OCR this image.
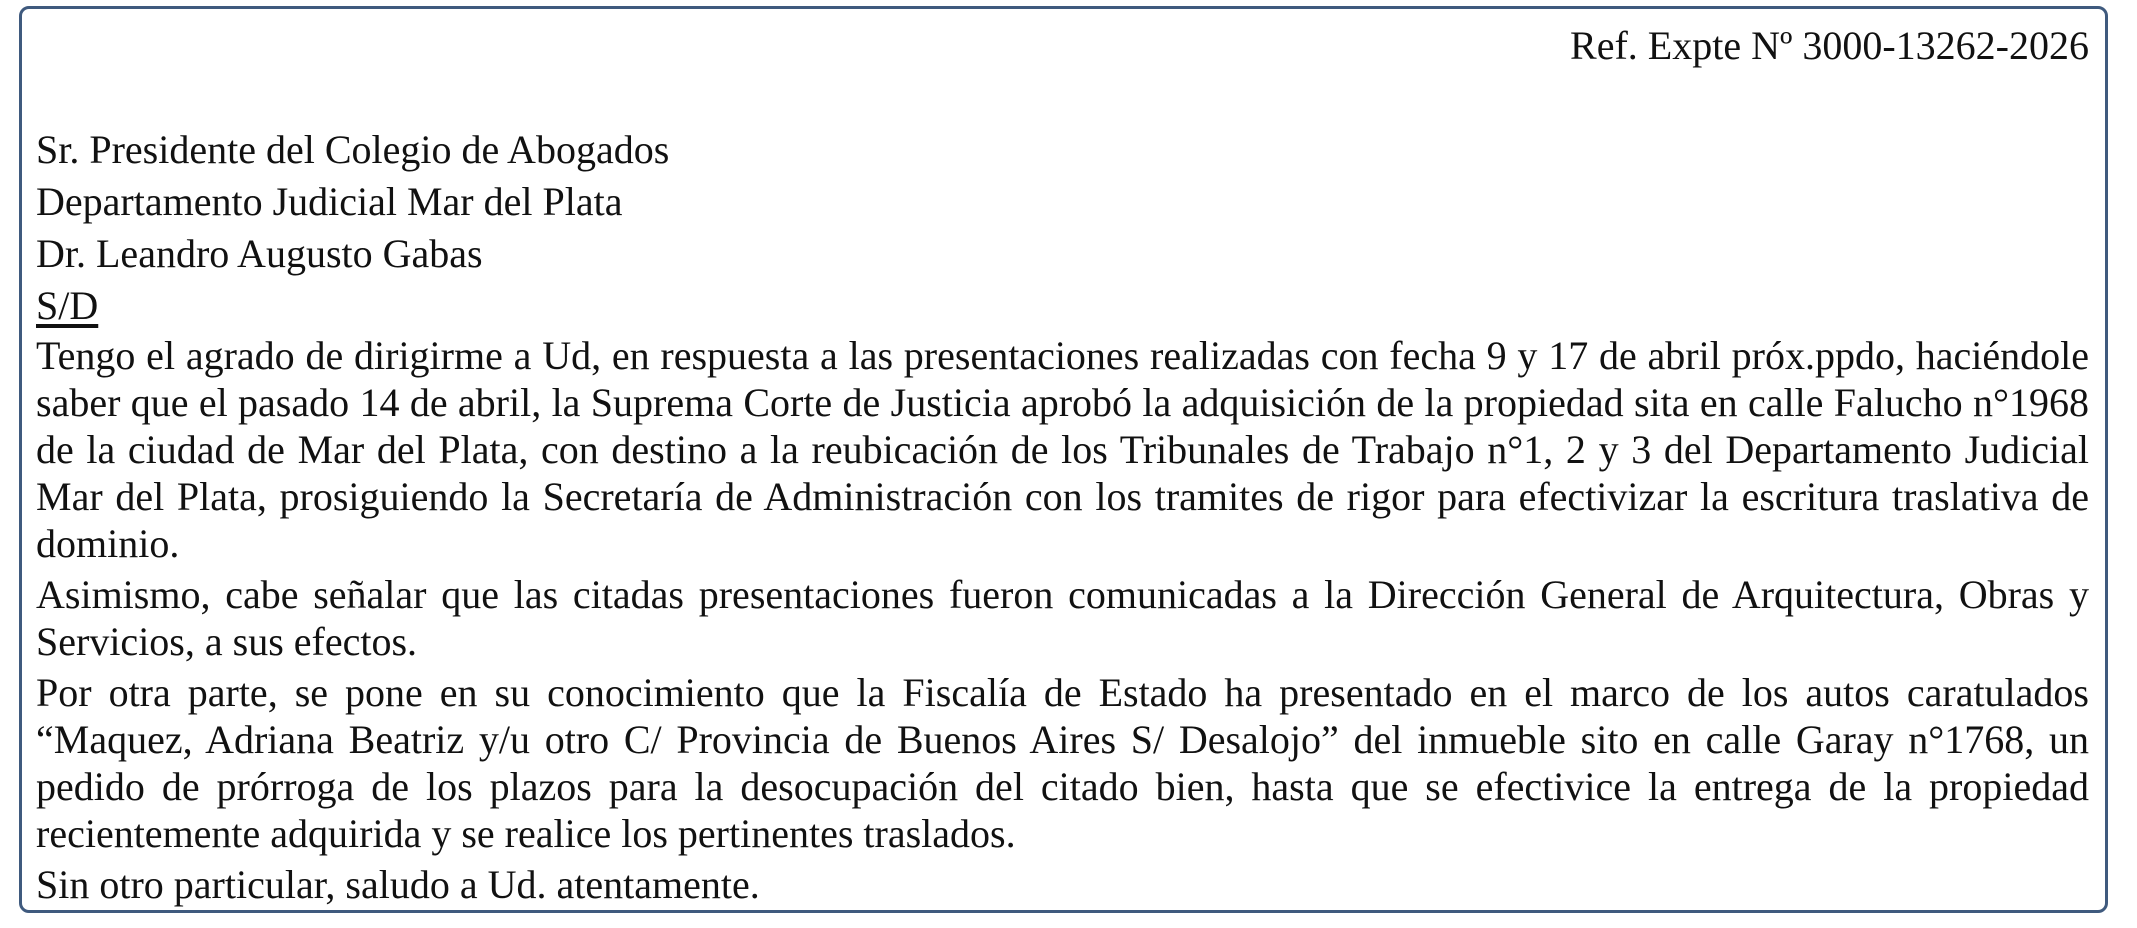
Ref. Expte Nº 3000-13262-2026
Sr. Presidente del Colegio de Abogados
Departamento Judicial Mar del Plata
Dr. Leandro Augusto Gabas
S/D

Tengo el agrado de dirigirme a Ud, en respuesta a las presentaciones realizadas con fecha 9 y 17 de abril próx.ppdo, haciéndole saber que el pasado 14 de abril, la Suprema Corte de Justicia aprobó la adquisición de la propiedad sita en calle Falucho n°1968 de la ciudad de Mar del Plata, con destino a la reubicación de los Tribunales de Trabajo n°1, 2 y 3 del Departamento Judicial Mar del Plata, prosiguiendo la Secretaría de Administración con los tramites de rigor para efectivizar la escritura traslativa de dominio.

Asimismo, cabe señalar que las citadas presentaciones fueron comunicadas a la Dirección General de Arquitectura, Obras y Servicios, a sus efectos.

Por otra parte, se pone en su conocimiento que la Fiscalía de Estado ha presentado en el marco de los autos caratulados “Maquez, Adriana Beatriz y/u otro C/ Provincia de Buenos Aires S/ Desalojo” del inmueble sito en calle Garay n°1768, un pedido de prórroga de los plazos para la desocupación del citado bien, hasta que se efectivice la entrega de la propiedad recientemente adquirida y se realice los pertinentes traslados.

Sin otro particular, saludo a Ud. atentamente.
